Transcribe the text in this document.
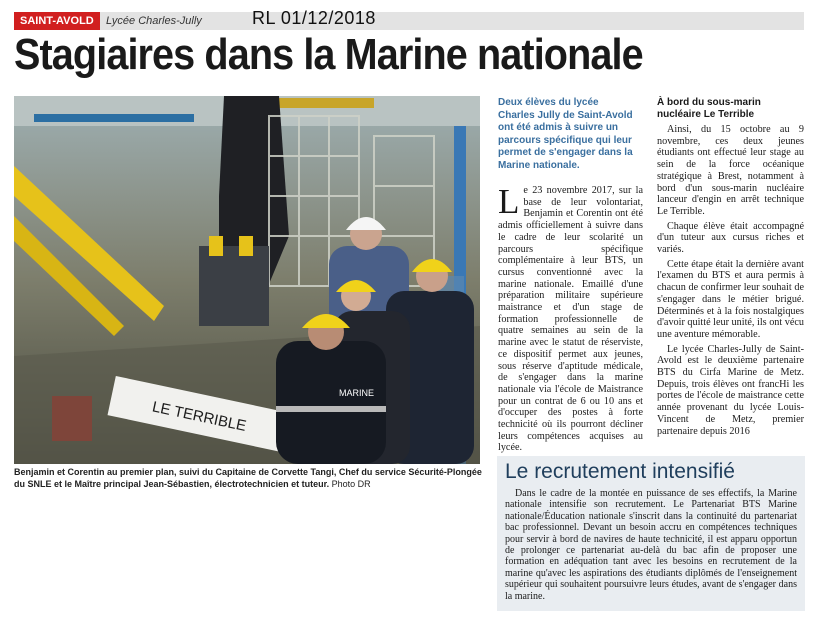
SAINT-AVOLD	Lycée Charles-Jully	RL 01/12/2018
Stagiaires dans la Marine nationale
LE TERRIBLE
MARINE
Benjamin et Corentin au premier plan, suivi du Capitaine de Corvette Tangi, Chef du service Sécurité-Plongée du SNLE et le Maître principal Jean-Sébastien, électrotechnicien et tuteur. Photo DR
Deux élèves du lycée Charles Jully de Saint-Avold ont été admis à suivre un parcours spécifique qui leur permet de s'engager dans la Marine nationale.
L e 23 novembre 2017, sur la base de leur volontariat, Benjamin et Corentin ont été admis officiellement à suivre dans le cadre de leur scolarité un parcours spécifique complémentaire à leur BTS, un cursus conventionné avec la marine nationale. Emaillé d'une préparation militaire supérieure maistrance et d'un stage de formation professionnelle de quatre semaines au sein de la marine avec le statut de réserviste, ce dispositif permet aux jeunes, sous réserve d'aptitude médicale, de s'engager dans la marine nationale via l'école de Maistrance pour un contrat de 6 ou 10 ans et d'occuper des postes à forte technicité où ils pourront décliner leurs compétences acquises au lycée.

À bord du sous-marin nucléaire Le Terrible

Ainsi, du 15 octobre au 9 novembre, ces deux jeunes étudiants ont effectué leur stage au sein de la force océanique stratégique à Brest, notamment à bord d'un sous-marin nucléaire lanceur d'engin en arrêt technique Le Terrible.

Chaque élève était accompagné d'un tuteur aux cursus riches et variés.

Cette étape était la dernière avant l'examen du BTS et aura permis à chacun de confirmer leur souhait de s'engager dans le métier brigué. Déterminés et à la fois nostalgiques d'avoir quitté leur unité, ils ont vécu une aventure mémorable.

Le lycée Charles-Jully de Saint-Avold est le deuxième partenaire BTS du Cirfa Marine de Metz. Depuis, trois élèves ont francHi les portes de l'école de maistrance cette année provenant du lycée Louis-Vincent de Metz, premier partenaire depuis 2016

Le recrutement intensifié

Dans le cadre de la montée en puissance de ses effectifs, la Marine nationale intensifie son recrutement. Le Partenariat BTS Marine nationale/Éducation nationale s'inscrit dans la continuité du partenariat bac professionnel. Devant un besoin accru en compétences techniques pour servir à bord de navires de haute technicité, il est apparu opportun de prolonger ce partenariat au-delà du bac afin de proposer une formation en adéquation tant avec les besoins en recrutement de la marine qu'avec les aspirations des étudiants diplômés de l'enseignement supérieur qui souhaitent poursuivre leurs études, avant de s'engager dans la marine.
